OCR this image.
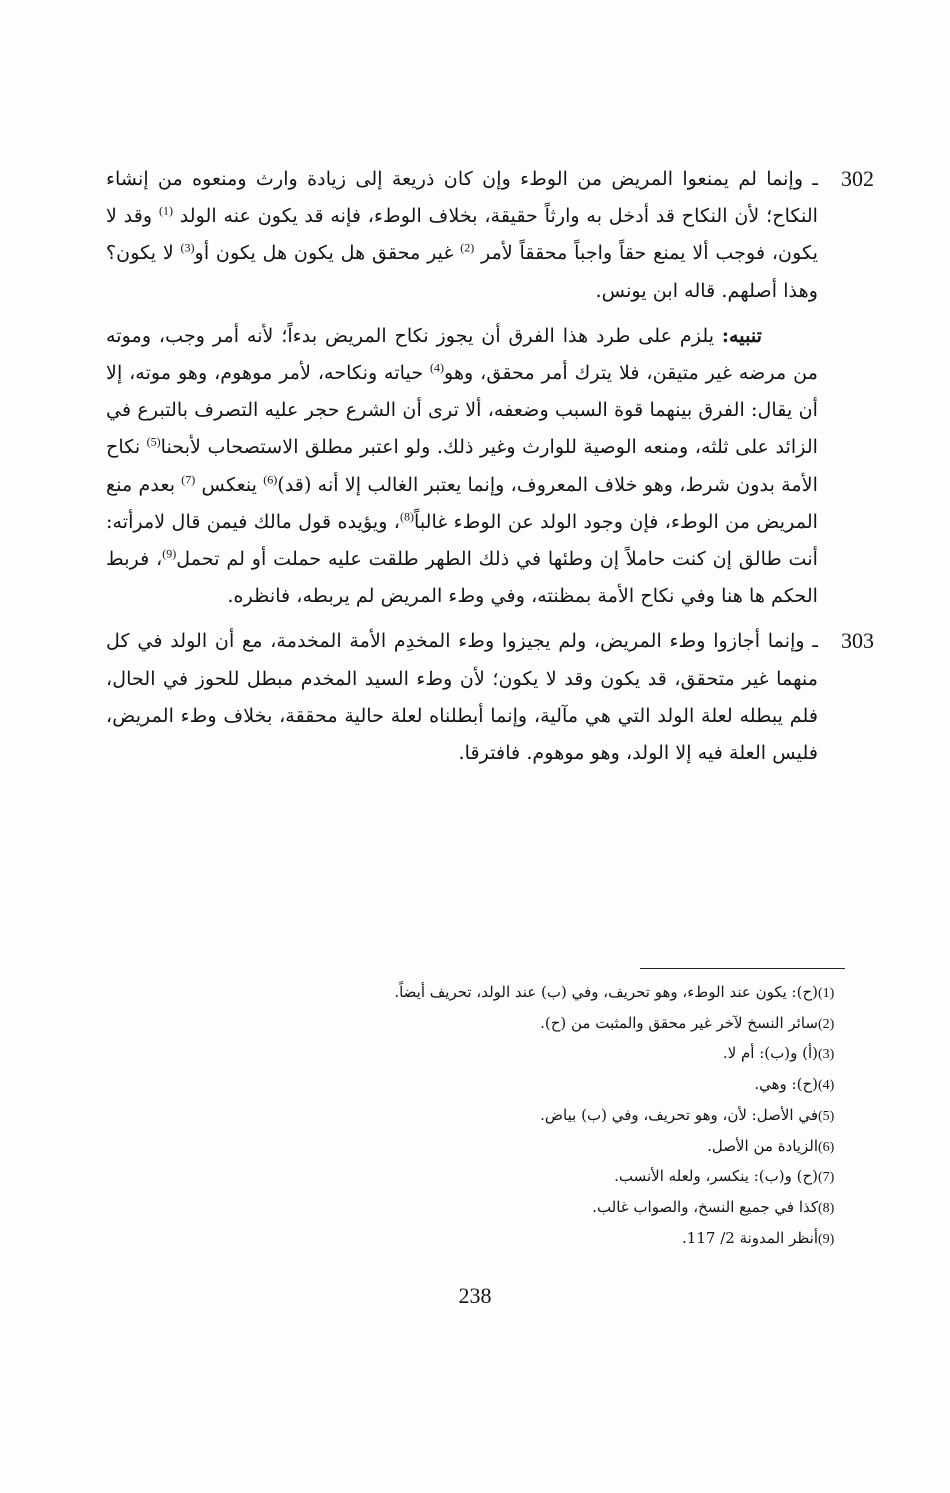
302
ـ وإنما لم يمنعوا المريض من الوطء وإن كان ذريعة إلى زيادة وارث ومنعوه من إنشاء النكاح؛ لأن النكاح قد أدخل به وارثاً حقيقة، بخلاف الوطء، فإنه قد يكون عنه الولد $^{(1)}$ وقد لا يكون، فوجب ألا يمنع حقاً واجباً محققاً لأمر $^{(2)}$ غير محقق هل يكون هل يكون أو$^{(3)}$ لا يكون؟ وهذا أصلهم. قاله ابن يونس.

تنبيه: يلزم على طرد هذا الفرق أن يجوز نكاح المريض بدءاً؛ لأنه أمر وجب، وموته من مرضه غير متيقن، فلا يترك أمر محقق، وهو$^{(4)}$ حياته ونكاحه، لأمر موهوم، وهو موته، إلا أن يقال: الفرق بينهما قوة السبب وضعفه، ألا ترى أن الشرع حجر عليه التصرف بالتبرع في الزائد على ثلثه، ومنعه الوصية للوارث وغير ذلك. ولو اعتبر مطلق الاستصحاب لأبحنا$^{(5)}$ نكاح الأمة بدون شرط، وهو خلاف المعروف، وإنما يعتبر الغالب إلا أنه (قد)$^{(6)}$ ينعكس $^{(7)}$ بعدم منع المريض من الوطء، فإن وجود الولد عن الوطء غالباً$^{(8)}$، ويؤيده قول مالك فيمن قال لامرأته: أنت طالق إن كنت حاملاً إن وطئها في ذلك الطهر طلقت عليه حملت أو لم تحمل$^{(9)}$، فربط الحكم ها هنا وفي نكاح الأمة بمظنته، وفي وطء المريض لم يربطه، فانظره.

303
ـ وإنما أجازوا وطء المريض، ولم يجيزوا وطء المخدِم الأمة المخدمة، مع أن الولد في كل منهما غير متحقق، قد يكون وقد لا يكون؛ لأن وطء السيد المخدم مبطل للحوز في الحال، فلم يبطله لعلة الولد التي هي مآلية، وإنما أبطلناه لعلة حالية محققة، بخلاف وطء المريض، فليس العلة فيه إلا الولد، وهو موهوم. فافترقا.

(1)
(ح): يكون عند الوطء، وهو تحريف، وفي (ب) عند الولد، تحريف أيضاً.
(2)
سائر النسخ لآخر غير محقق والمثبت من (ح).
(3)
(أ) و(ب): أم لا.
(4)
(ح): وهي.
(5)
في الأصل: لأن، وهو تحريف، وفي (ب) بياض.
(6)
الزيادة من الأصل.
(7)
(ح) و(ب): ينكسر، ولعله الأنسب.
(8)
كذا في جميع النسخ، والصواب غالب.
(9)
أنظر المدونة 2/ 117.
238
